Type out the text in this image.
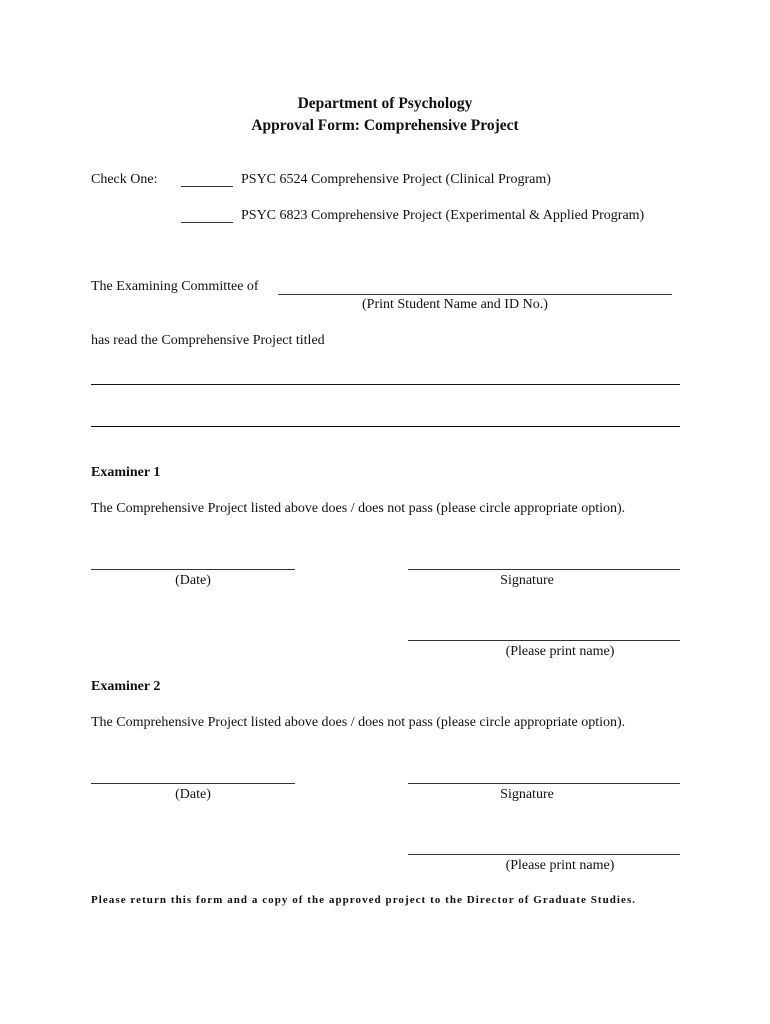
Department of Psychology
Approval Form: Comprehensive Project
Check One:	PSYC 6524 Comprehensive Project (Clinical Program)
PSYC 6823 Comprehensive Project (Experimental & Applied Program)
The Examining Committee of
(Print Student Name and ID No.)
has read the Comprehensive Project titled
Examiner 1
The Comprehensive Project listed above does / does not pass (please circle appropriate option).
(Date)	Signature
(Please print name)
Examiner 2
The Comprehensive Project listed above does / does not pass (please circle appropriate option).
(Date)	Signature
(Please print name)
Please return this form and a copy of the approved project to the Director of Graduate Studies.
